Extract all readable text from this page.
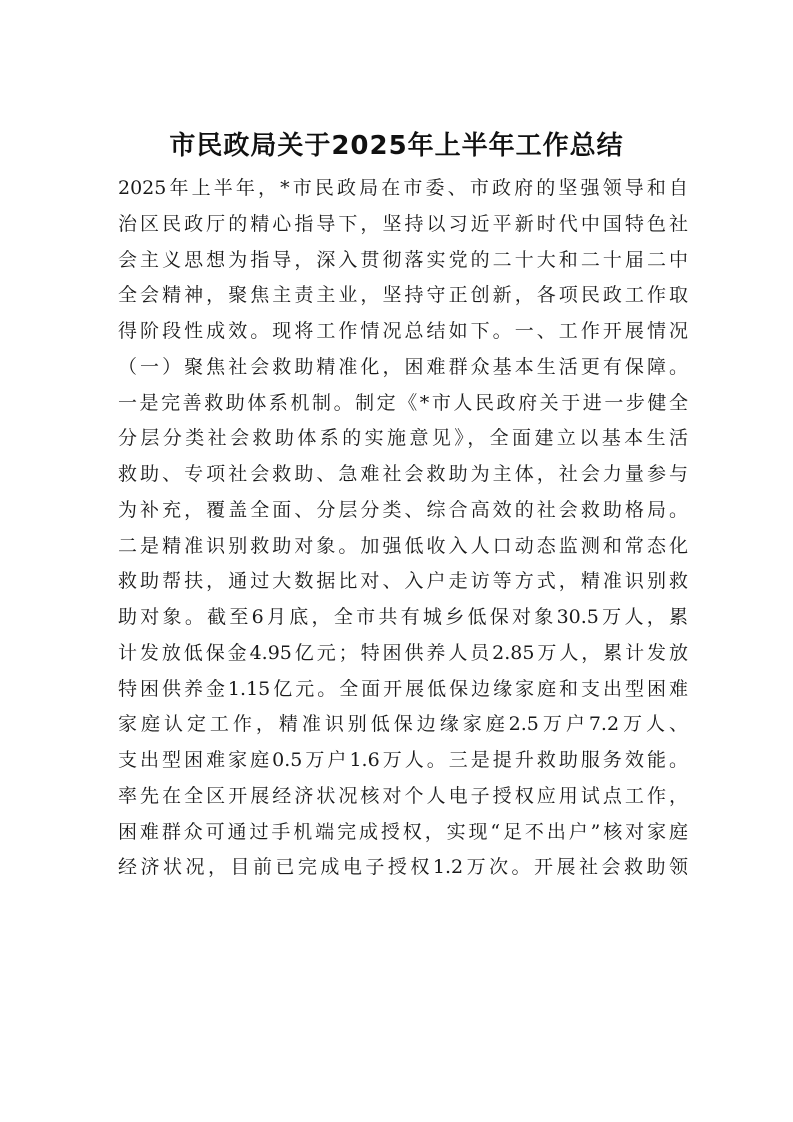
市民政局关于2025年上半年工作总结
2025年上半年，*市民政局在市委、市政府的坚强领导和自
治区民政厅的精心指导下，坚持以习近平新时代中国特色社
会主义思想为指导，深入贯彻落实党的二十大和二十届二中
全会精神，聚焦主责主业，坚持守正创新，各项民政工作取
得阶段性成效。现将工作情况总结如下。一、工作开展情况
（一）聚焦社会救助精准化，困难群众基本生活更有保障。
一是完善救助体系机制。制定《*市人民政府关于进一步健全
分层分类社会救助体系的实施意见》，全面建立以基本生活
救助、专项社会救助、急难社会救助为主体，社会力量参与
为补充，覆盖全面、分层分类、综合高效的社会救助格局。
二是精准识别救助对象。加强低收入人口动态监测和常态化
救助帮扶，通过大数据比对、入户走访等方式，精准识别救
助对象。截至6月底，全市共有城乡低保对象30.5万人，累
计发放低保金4.95亿元；特困供养人员2.85万人，累计发放
特困供养金1.15亿元。全面开展低保边缘家庭和支出型困难
家庭认定工作，精准识别低保边缘家庭2.5万户7.2万人、
支出型困难家庭0.5万户1.6万人。三是提升救助服务效能。
率先在全区开展经济状况核对个人电子授权应用试点工作，
困难群众可通过手机端完成授权，实现“足不出户”核对家庭
经济状况，目前已完成电子授权1.2万次。开展社会救助领
